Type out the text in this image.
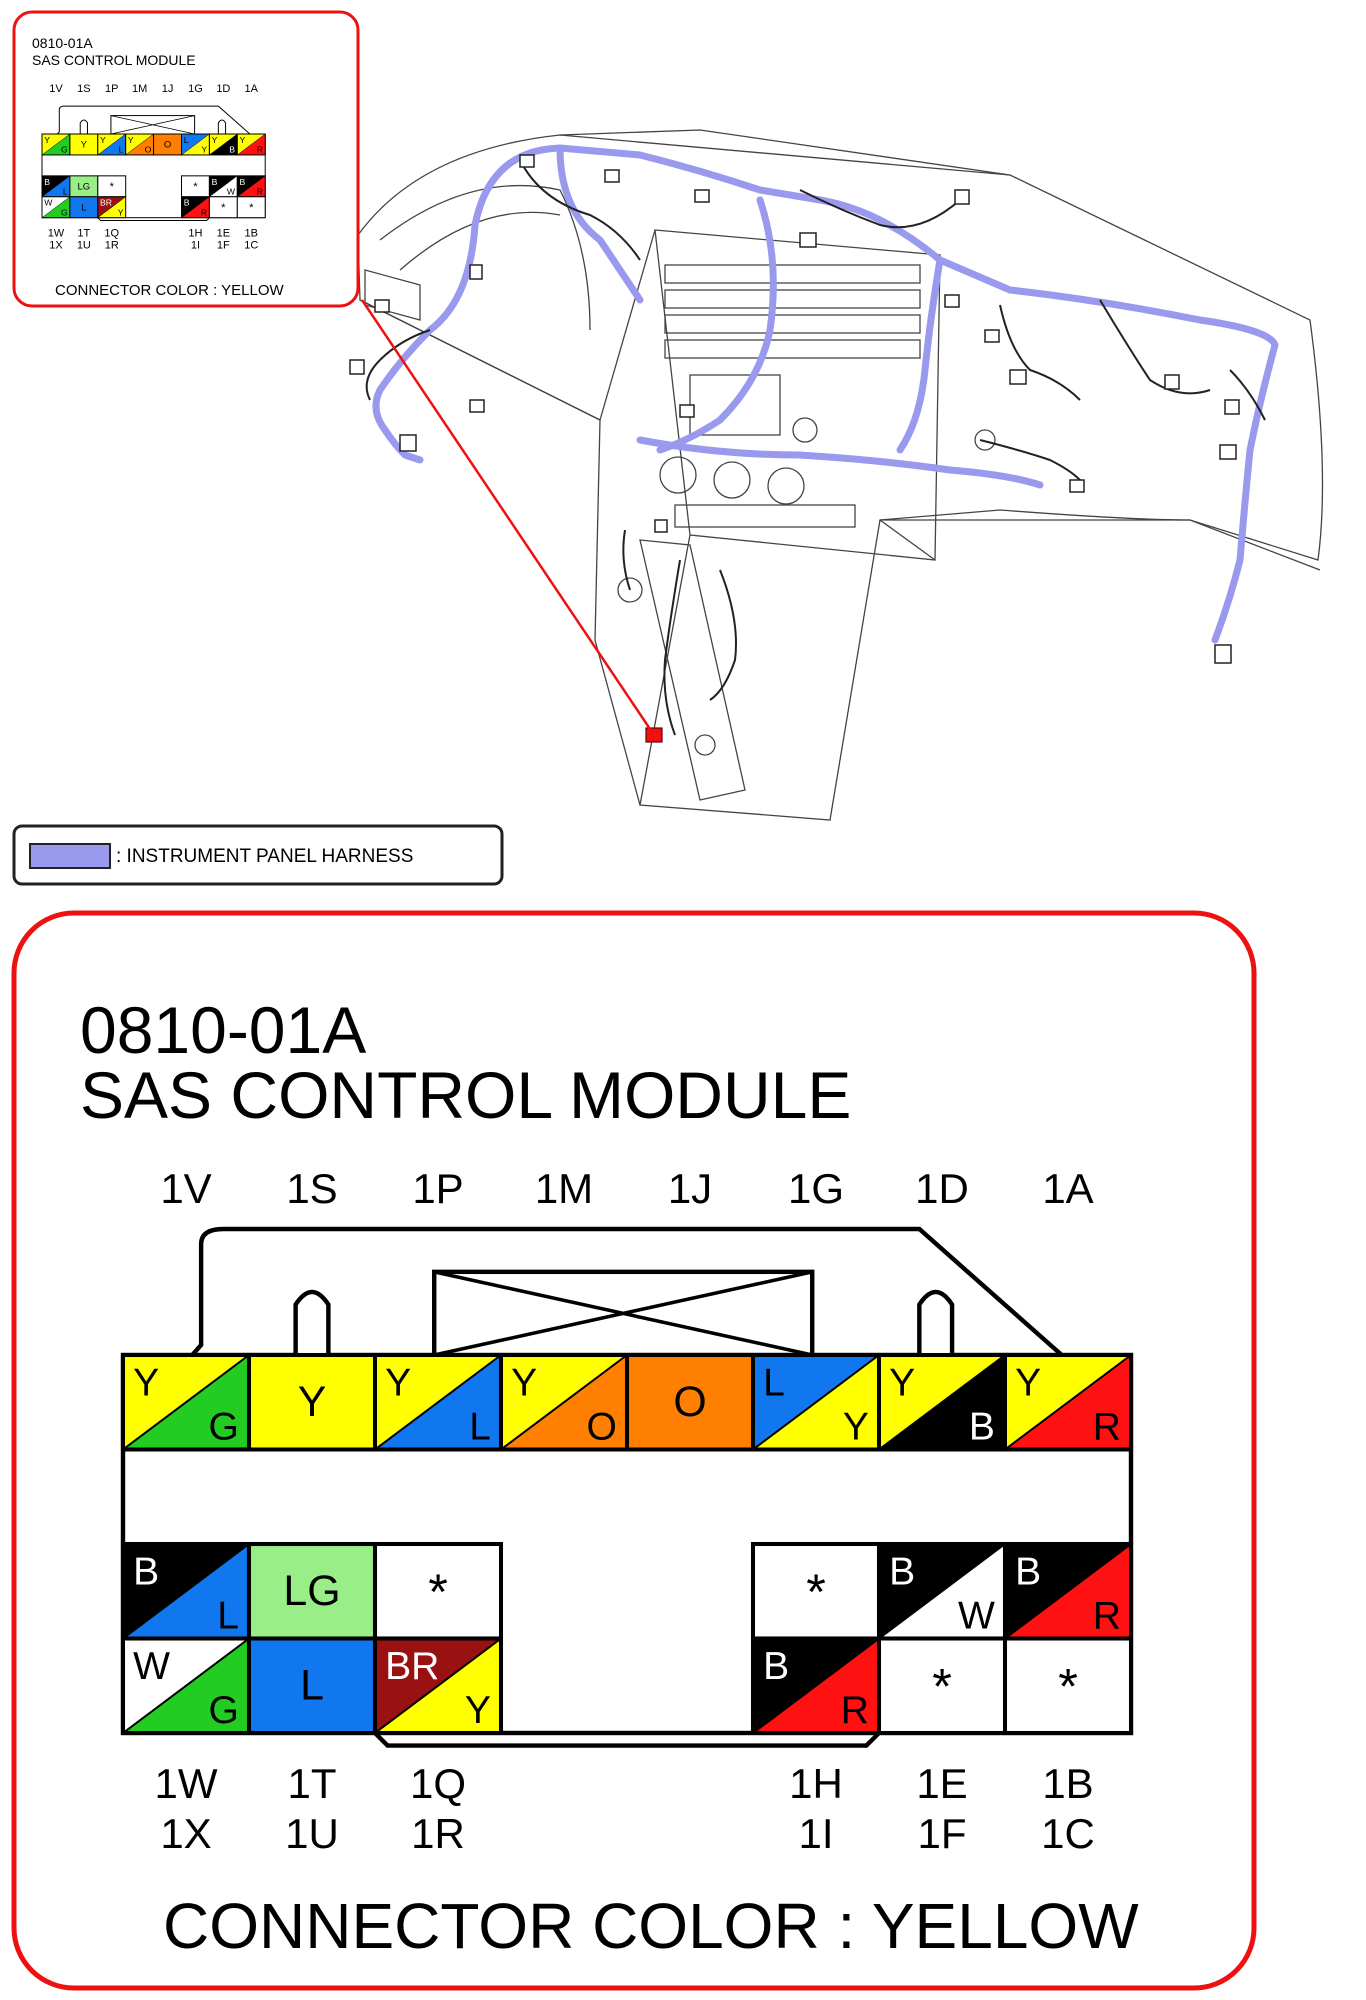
0810-01A
SAS CONTROL MODULE
1V 1S 1P 1M 1J 1G 1D 1A
Y
G Y Y
L
Y
O O L
Y
Y
B
Y
R
B
L LG *
W
G L BR
Y
* B
W
B
R
B
R * *
1W
1X
1T
1U
1Q
1R
1H
1I
1E
1F
1B
1C
CONNECTOR COLOR : YELLOW
: INSTRUMENT PANEL HARNESS
0810-01A
SAS CONTROL MODULE
1V 1S 1P 1M 1J 1G 1D 1A
Y
G
Y Y
L
Y
O
O L
Y
Y
B
Y
R
B
L
LG *
W
G
L BR
Y
* B
W
B
R
B
R * *
1W
1X
1T
1U
1Q
1R
1H
1I
1E
1F
1B
1C
CONNECTOR COLOR : YELLOW
